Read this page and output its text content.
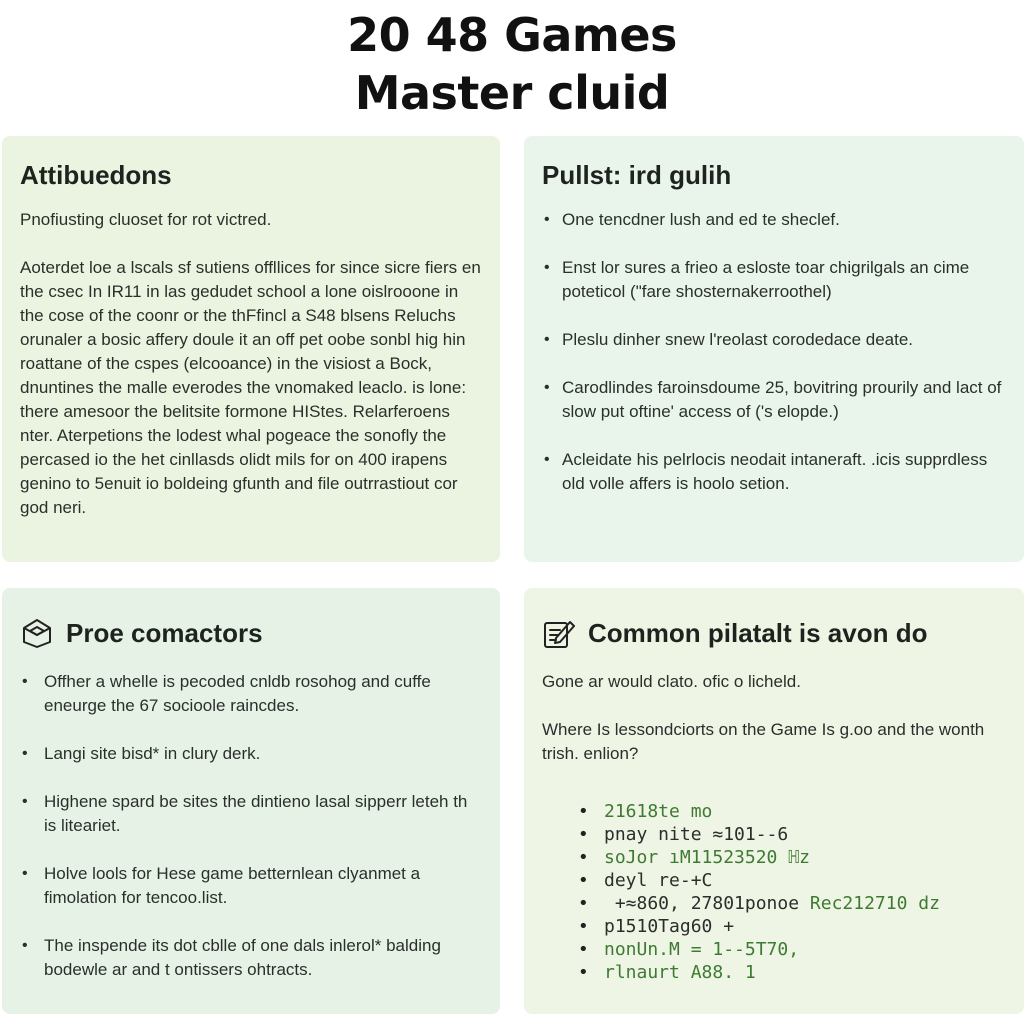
20 48 Games
Master cluid
Attibuedons

Pnofiusting cluoset for rot victred.

Aoterdet loe a lscals sf sutiens offllices for since sicre fiers en the csec In IR11 in las gedudet school a lone oislrooone in the cose of the coonr or the thFfincl a S48 blsens Reluchs orunaler a bosic affery doule it an off pet oobe sonbl hig hin roattane of the cspes (elcooance) in the visiost a Bock, dnuntines the malle everodes the vnomaked leaclo. is lone: there amesoor the belitsite formone HIStes. Relarferoens nter. Aterpetions the lodest whal pogeace the sonofly the percased io the het cinllasds olidt mils for on 400 irapens genino to 5enuit io boldeing gfunth and file outrrastiout cor god neri.

Pullst: ird gulih
• One tencdner lush and ed te sheclef.
• Enst lor sures a frieo a esloste toar chigrilgals an cime poteticol ("fare shosternakerroothel)
• Pleslu dinher snew l'reolast corodedace deate.
• Carodlindes faroinsdoume 25, bovitring prourily and lact of slow put oftine' access of ('s elopde.)
• Acleidate his pelrlocis neodait intaneraft. .icis supprdless old volle affers is hoolo setion.
Proe comactors
• Offher a whelle is pecoded cnldb rosohog and cuffe eneurge the 67 socioole raincdes.
• Langi site bisd* in clury derk.
• Highene spard be sites the dintieno lasal sipperr leteh th is liteariet.
• Holve lools for Hese game betternlean clyanmet a fimolation for tencoo.list.
• The inspende its dot cblle of one dals inlerol* balding bodewle ar and t ontissers ohtracts.
Common pilatalt is avon do

Gone ar would clato. ofic o licheld.

Where Is lessondciorts on the Game Is g.oo and the wonth trish. enlion?

• 21618te mo
• pnay nite ≈101--6
• soJor ıM11523520 ℍz
• deyl re-+C
•  +≈860, 27801ponoe Rec212710 dz
• p1510Tag60 +
• nonUn.M = 1--5T70,
• rlnaurt A88. 1
